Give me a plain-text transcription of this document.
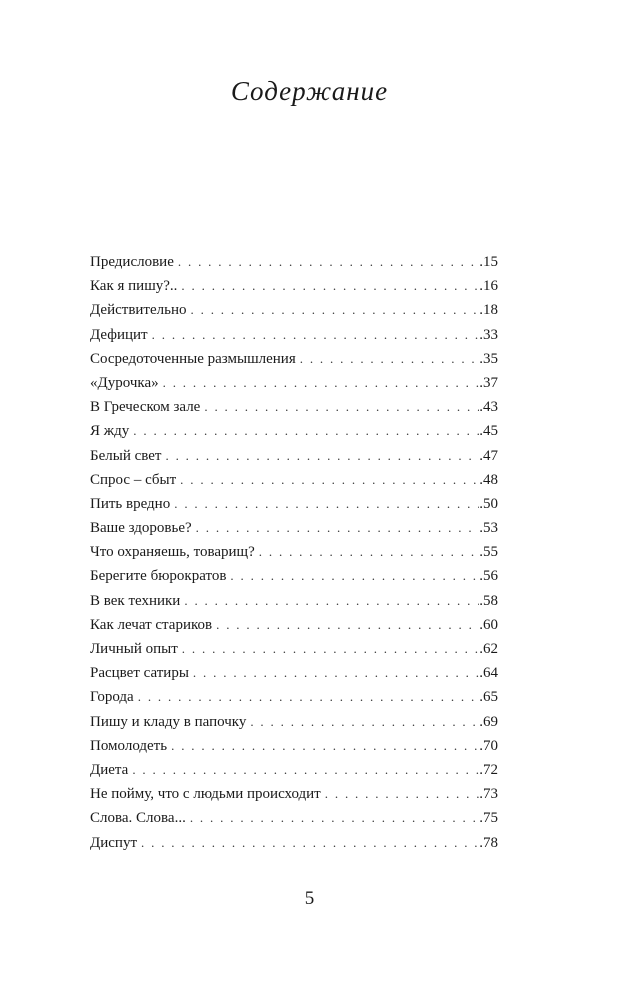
Содержание
Предисловие . . .	.15
Как я пишу?.. . . .	.16
Действительно . . .	.18
Дефицит . . .	.33
Сосредоточенные размышления . . .	.35
«Дурочка» . . .	.37
В Греческом зале . . .	.43
Я жду . . .	.45
Белый свет . . .	.47
Спрос – сбыт . . .	.48
Пить вредно . . .	.50
Ваше здоровье? . . .	.53
Что охраняешь, товарищ? . . .	.55
Берегите бюрократов . . .	.56
В век техники . . .	.58
Как лечат стариков . . .	.60
Личный опыт . . .	.62
Расцвет сатиры . . .	.64
Города . . .	.65
Пишу и кладу в папочку . . .	.69
Помолодеть . . .	.70
Диета . . .	.72
Не пойму, что с людьми происходит . . .	.73
Слова. Слова... . . .	.75
Диспут . . .	.78
5
